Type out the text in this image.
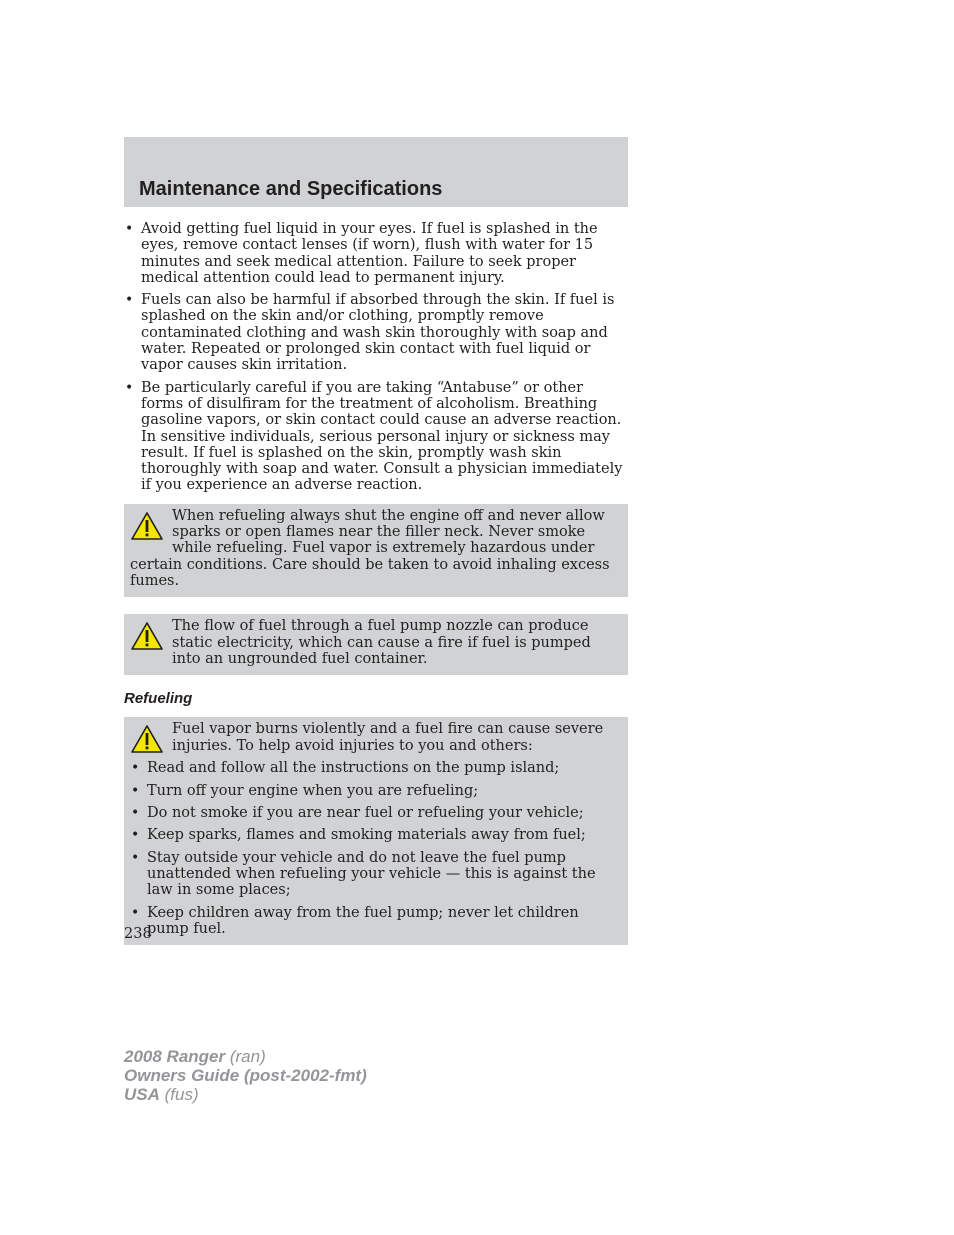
Maintenance and Specifications
• Avoid getting fuel liquid in your eyes. If fuel is splashed in the eyes, remove contact lenses (if worn), flush with water for 15 minutes and seek medical attention. Failure to seek proper medical attention could lead to permanent injury.
• Fuels can also be harmful if absorbed through the skin. If fuel is splashed on the skin and/or clothing, promptly remove contaminated clothing and wash skin thoroughly with soap and water. Repeated or prolonged skin contact with fuel liquid or vapor causes skin irritation.
• Be particularly careful if you are taking “Antabuse” or other forms of disulfiram for the treatment of alcoholism. Breathing gasoline vapors, or skin contact could cause an adverse reaction. In sensitive individuals, serious personal injury or sickness may result. If fuel is splashed on the skin, promptly wash skin thoroughly with soap and water. Consult a physician immediately if you experience an adverse reaction.

When refueling always shut the engine off and never allow sparks or open flames near the filler neck. Never smoke while refueling. Fuel vapor is extremely hazardous under certain conditions. Care should be taken to avoid inhaling excess fumes.

The flow of fuel through a fuel pump nozzle can produce static electricity, which can cause a fire if fuel is pumped into an ungrounded fuel container.

Refueling

Fuel vapor burns violently and a fuel fire can cause severe injuries. To help avoid injuries to you and others:

• Read and follow all the instructions on the pump island;
• Turn off your engine when you are refueling;
• Do not smoke if you are near fuel or refueling your vehicle;
• Keep sparks, flames and smoking materials away from fuel;
• Stay outside your vehicle and do not leave the fuel pump unattended when refueling your vehicle — this is against the law in some places;
• Keep children away from the fuel pump; never let children pump fuel.
238
2008 Ranger (ran)
Owners Guide (post-2002-fmt)
USA (fus)
